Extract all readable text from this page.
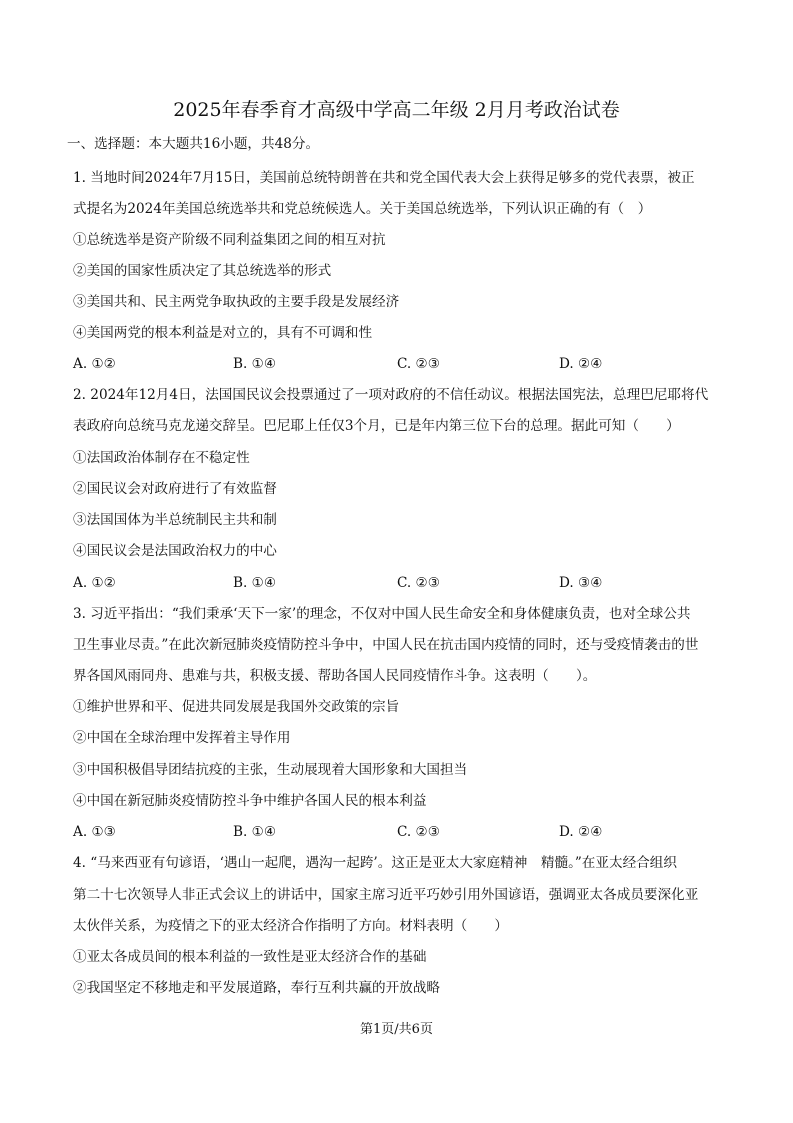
2025年春季育才高级中学高二年级 2月月考政治试卷
一、选择题：本大题共16小题，共48分。
1. 当地时间2024年7月15日，美国前总统特朗普在共和党全国代表大会上获得足够多的党代表票，被正
式提名为2024年美国总统选举共和党总统候选人。关于美国总统选举，下列认识正确的有（　）
①总统选举是资产阶级不同利益集团之间的相互对抗
②美国的国家性质决定了其总统选举的形式
③美国共和、民主两党争取执政的主要手段是发展经济
④美国两党的根本利益是对立的，具有不可调和性
A. ①②	B. ①④	C. ②③	D. ②④
2. 2024年12月4日，法国国民议会投票通过了一项对政府的不信任动议。根据法国宪法，总理巴尼耶将代
表政府向总统马克龙递交辞呈。巴尼耶上任仅3个月，已是年内第三位下台的总理。据此可知（　　）
①法国政治体制存在不稳定性
②国民议会对政府进行了有效监督
③法国国体为半总统制民主共和制
④国民议会是法国政治权力的中心
A. ①②	B. ①④	C. ②③	D. ③④
3. 习近平指出：“我们秉承‘天下一家’的理念，不仅对中国人民生命安全和身体健康负责，也对全球公共
卫生事业尽责。”在此次新冠肺炎疫情防控斗争中，中国人民在抗击国内疫情的同时，还与受疫情袭击的世
界各国风雨同舟、患难与共，积极支援、帮助各国人民同疫情作斗争。这表明（　　）。
①维护世界和平、促进共同发展是我国外交政策的宗旨
②中国在全球治理中发挥着主导作用
③中国积极倡导团结抗疫的主张，生动展现着大国形象和大国担当
④中国在新冠肺炎疫情防控斗争中维护各国人民的根本利益
A. ①③	B. ①④	C. ②③	D. ②④
4. “马来西亚有句谚语，‘遇山一起爬，遇沟一起跨’。这正是亚太大家庭精神　精髓。”在亚太经合组织
第二十七次领导人非正式会议上的讲话中，国家主席习近平巧妙引用外国谚语，强调亚太各成员要深化亚
太伙伴关系，为疫情之下的亚太经济合作指明了方向。材料表明（　　）
①亚太各成员间的根本利益的一致性是亚太经济合作的基础
②我国坚定不移地走和平发展道路，奉行互利共赢的开放战略
第1页/共6页
